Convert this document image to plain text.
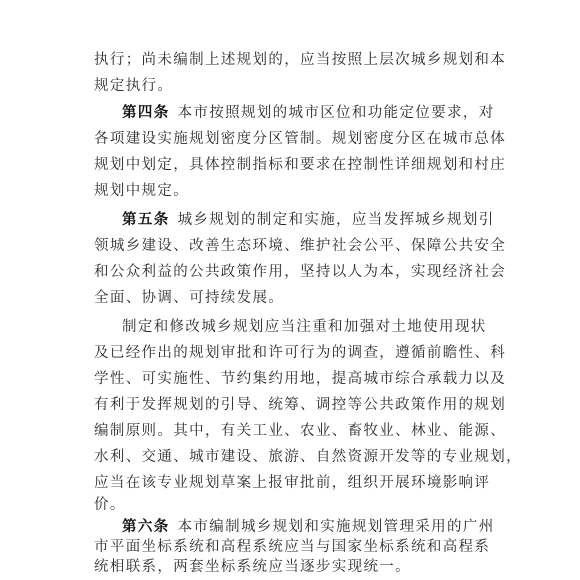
执行；尚未编制上述规划的，应当按照上层次城乡规划和本
规定执行。
第四条 本市按照规划的城市区位和功能定位要求，对
各项建设实施规划密度分区管制。规划密度分区在城市总体
规划中划定，具体控制指标和要求在控制性详细规划和村庄
规划中规定。
第五条 城乡规划的制定和实施，应当发挥城乡规划引
领城乡建设、改善生态环境、维护社会公平、保障公共安全
和公众利益的公共政策作用，坚持以人为本，实现经济社会
全面、协调、可持续发展。
制定和修改城乡规划应当注重和加强对土地使用现状
及已经作出的规划审批和许可行为的调查，遵循前瞻性、科
学性、可实施性、节约集约用地，提高城市综合承载力以及
有利于发挥规划的引导、统筹、调控等公共政策作用的规划
编制原则。其中，有关工业、农业、畜牧业、林业、能源、
水利、交通、城市建设、旅游、自然资源开发等的专业规划，
应当在该专业规划草案上报审批前，组织开展环境影响评
价。
第六条 本市编制城乡规划和实施规划管理采用的广州
市平面坐标系统和高程系统应当与国家坐标系统和高程系
统相联系，两套坐标系统应当逐步实现统一。
